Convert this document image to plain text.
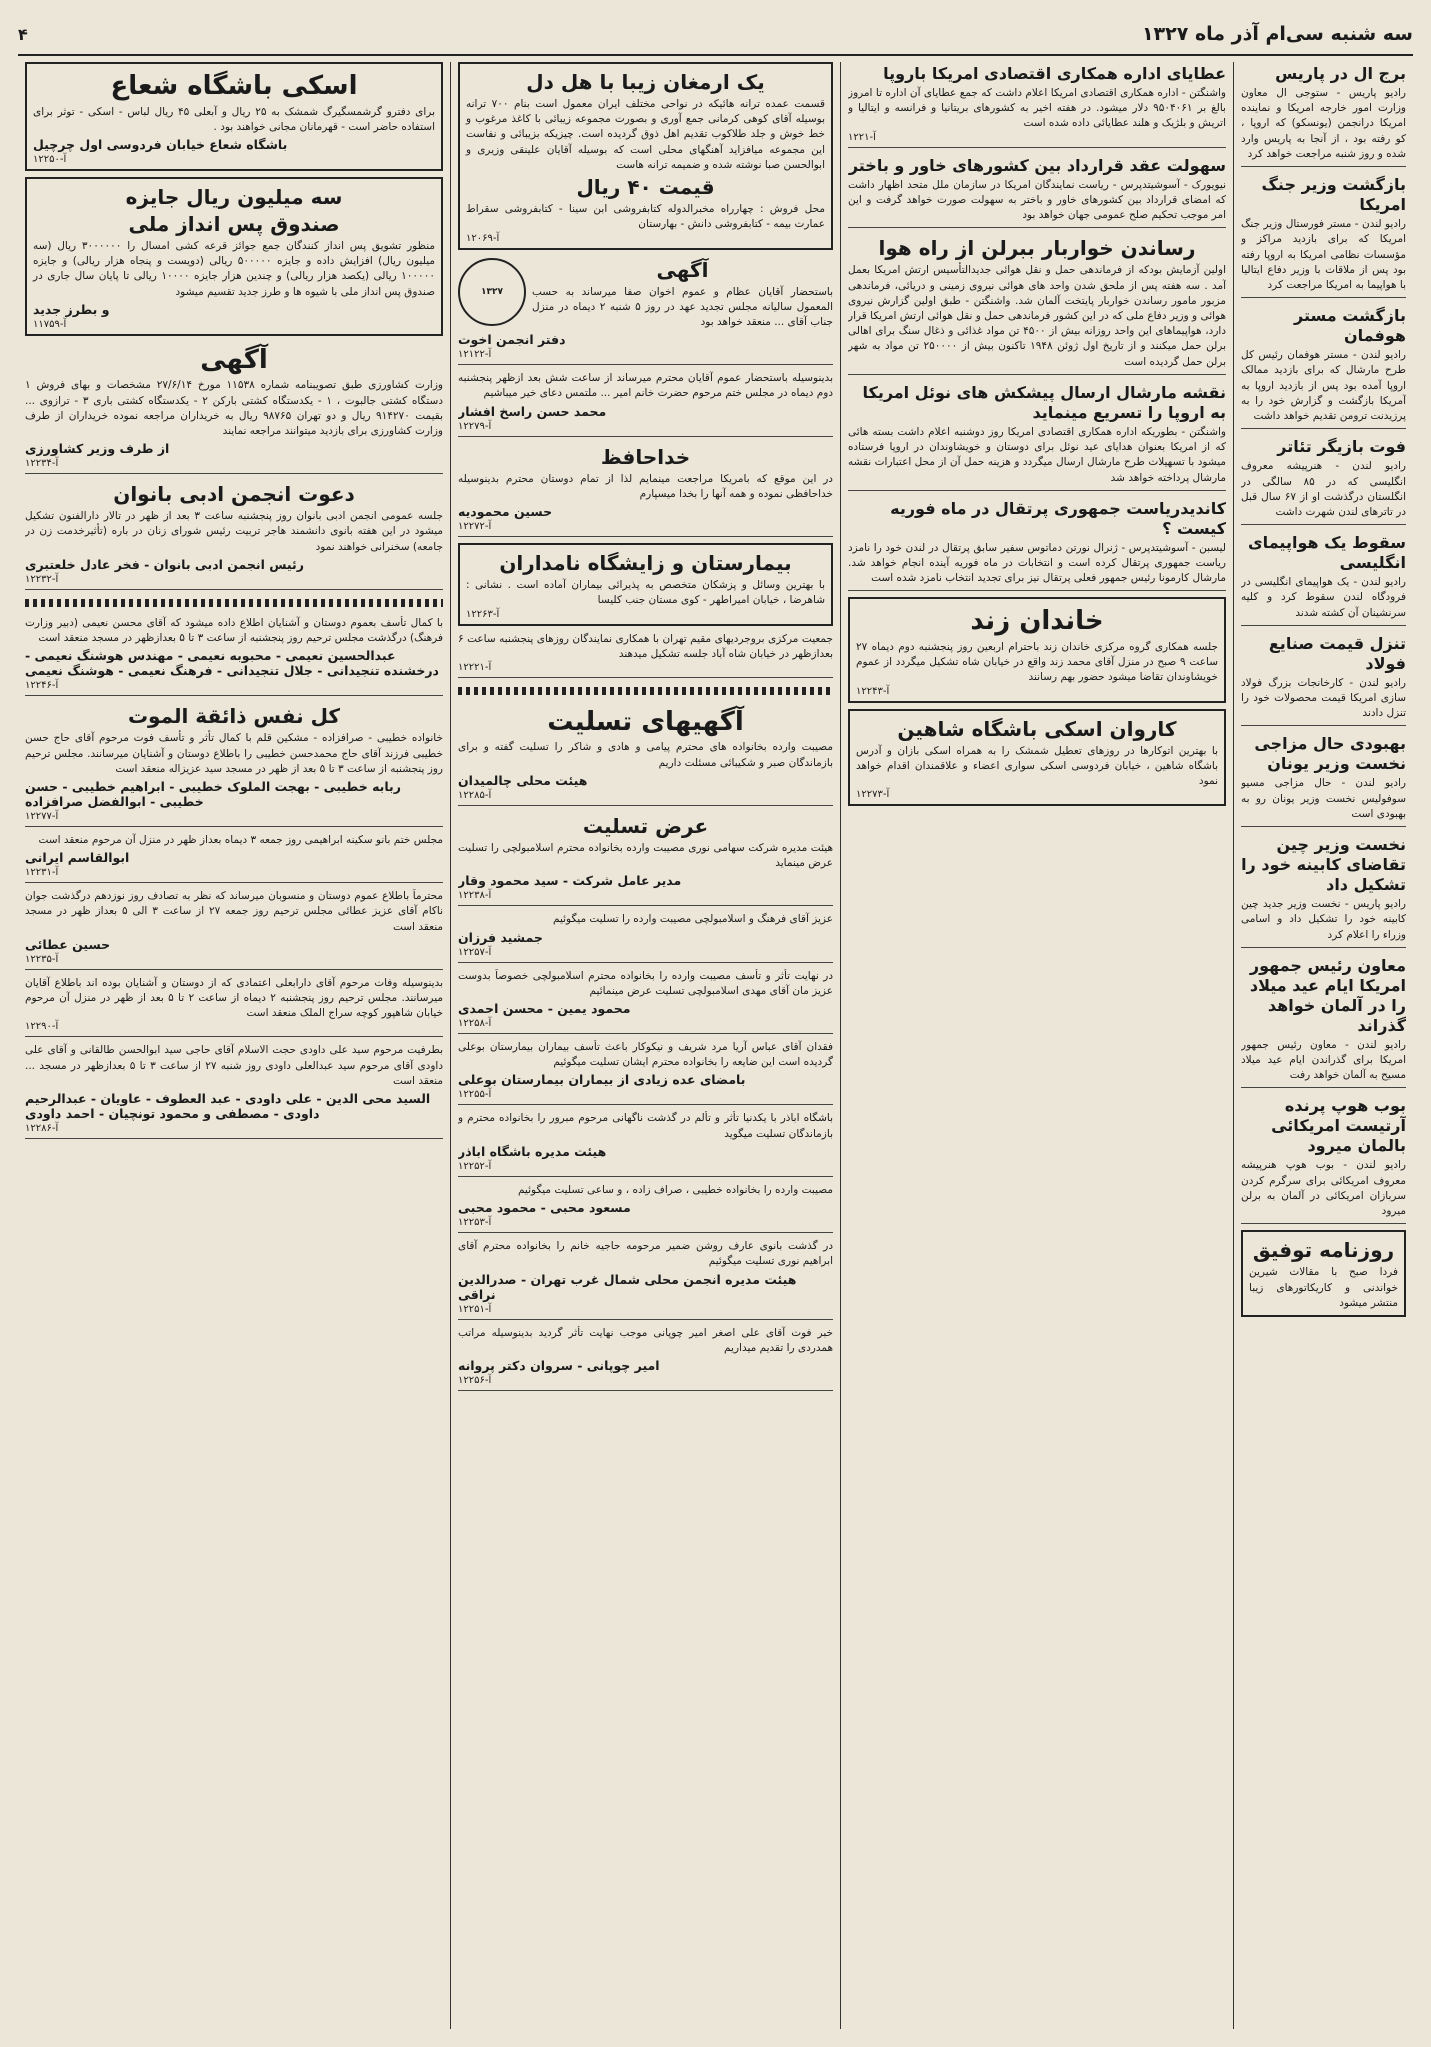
سه شنبه سی‌ام آذر ماه ۱۳۲۷
۴
برج ال در پاریس

رادیو پاریس - ستوجی ال معاون وزارت امور خارجه امریکا و نماینده امریکا درانجمن (یونسکو) که اروپا ، کو رفته بود ، از آنجا به پاریس وارد شده و روز شنبه مراجعت خواهد کرد

بازگشت وزیر جنگ امریکا

رادیو لندن - مستر فورستال وزیر جنگ امریکا که برای بازدید مراکز و مؤسسات نظامی امریکا به اروپا رفته بود پس از ملاقات با وزیر دفاع ایتالیا با هواپیما به امریکا مراجعت کرد

بازگشت مستر هوفمان

رادیو لندن - مستر هوفمان رئیس کل طرح مارشال که برای بازدید ممالک اروپا آمده بود پس از بازدید اروپا به آمریکا بازگشت و گزارش خود را به پرزیدنت ترومن تقدیم خواهد داشت

فوت بازیگر تئاتر

رادیو لندن - هنرپیشه معروف انگلیسی که در ۸۵ سالگی در انگلستان درگذشت او از ۶۷ سال قبل در تاترهای لندن شهرت داشت

سقوط یک هواپیمای انگلیسی

رادیو لندن - یک هواپیمای انگلیسی در فرودگاه لندن سقوط کرد و کلیه سرنشینان آن کشته شدند

تنزل قیمت صنایع فولاد

رادیو لندن - کارخانجات بزرگ فولاد سازی امریکا قیمت محصولات خود را تنزل دادند

بهبودی حال مزاجی نخست وزیر یونان

رادیو لندن - حال مزاجی مسیو سوفولیس نخست وزیر یونان رو به بهبودی است

نخست وزیر چین تقاضای کابینه خود را تشکیل داد

رادیو پاریس - نخست وزیر جدید چین کابینه خود را تشکیل داد و اسامی وزراء را اعلام کرد

معاون رئیس جمهور امریکا ایام عید میلاد را در آلمان خواهد گذراند

رادیو لندن - معاون رئیس جمهور امریکا برای گذراندن ایام عید میلاد مسیح به آلمان خواهد رفت

بوب هوپ پرنده آرتیست امریکائی بالمان میرود

رادیو لندن - بوب هوپ هنرپیشه معروف امریکائی برای سرگرم کردن سربازان امریکائی در آلمان به برلن میرود

روزنامه توفیق

فردا صبح با مقالات شیرین خواندنی و کاریکاتورهای زیبا منتشر میشود

عطایای اداره همکاری اقتصادی امریکا باروپا

واشنگتن - اداره همکاری اقتصادی امریکا اعلام داشت که جمع عطایای آن اداره تا امروز بالغ بر ۹۵۰۴۰۶۱ دلار میشود. در هفته اخیر به کشورهای بریتانیا و فرانسه و ایتالیا و اتریش و بلژیک و هلند عطایائی داده شده است

آ-۱۲۲۱

سهولت عقد قرارداد بین کشورهای خاور و باختر

نیویورک - آسوشیتدپرس - ریاست نمایندگان امریکا در سازمان ملل متحد اظهار داشت که امضای قرارداد بین کشورهای خاور و باختر به سهولت صورت خواهد گرفت و این امر موجب تحکیم صلح عمومی جهان خواهد بود

رساندن خواربار ببرلن از راه هوا

اولین آزمایش بودکه از فرماندهی حمل و نقل هوائی جدیدالتأسیس ارتش امریکا بعمل آمد . سه هفته پس از ملحق شدن واحد های هوائی نیروی زمینی و دریائی، فرماندهی مزبور مامور رساندن خواربار پایتخت آلمان شد. واشنگتن - طبق اولین گزارش نیروی هوائی و وزیر دفاع ملی که در این کشور فرماندهی حمل و نقل هوائی ارتش امریکا قرار دارد، هواپیماهای این واحد روزانه بیش از ۴۵۰۰ تن مواد غذائی و ذغال سنگ برای اهالی برلن حمل میکنند و از تاریخ اول ژوئن ۱۹۴۸ تاکنون بیش از ۲۵۰۰۰۰ تن مواد به شهر برلن حمل گردیده است

نقشه مارشال ارسال پیشکش های نوئل امریکا به اروپا را تسریع مینماید

واشنگتن - بطوریکه اداره همکاری اقتصادی امریکا روز دوشنبه اعلام داشت بسته هائی که از امریکا بعنوان هدایای عید نوئل برای دوستان و خویشاوندان در اروپا فرستاده میشود با تسهیلات طرح مارشال ارسال میگردد و هزینه حمل آن از محل اعتبارات نقشه مارشال پرداخته خواهد شد

کاندیدریاست جمهوری پرتقال در ماه فوریه کیست ؟

لیسبن - آسوشیتدپرس - ژنرال نورتن دماتوس سفیر سابق پرتقال در لندن خود را نامزد ریاست جمهوری پرتقال کرده است و انتخابات در ماه فوریه آینده انجام خواهد شد. مارشال کارمونا رئیس جمهور فعلی پرتقال نیز برای تجدید انتخاب نامزد شده است

خاندان زند

جلسه همکاری گروه مرکزی خاندان زند باحترام اربعین روز پنجشنبه دوم دیماه ۲۷ ساعت ۹ صبح در منزل آقای محمد زند واقع در خیابان شاه تشکیل میگردد از عموم خویشاوندان تقاضا میشود حضور بهم رسانند

آ-۱۲۲۴۳

کاروان اسکی باشگاه شاهین

با بهترین اتوکارها در روزهای تعطیل شمشک را به همراه اسکی بازان و آدرس باشگاه شاهین ، خیابان فردوسی اسکی سواری اعضاء و علاقمندان اقدام خواهد نمود

آ-۱۲۲۷۳

یک ارمغان زیبا با هل دل

قسمت عمده ترانه هائیکه در نواحی مختلف ایران معمول است بنام ۷۰۰ ترانه بوسیله آقای کوهی کرمانی جمع آوری و بصورت مجموعه زیبائی با کاغذ مرغوب و خط خوش و جلد طلاکوب تقدیم اهل ذوق گردیده است. چیزیکه بزیبائی و نفاست این مجموعه میافزاید آهنگهای محلی است که بوسیله آقایان علینقی وزیری و ابوالحسن صبا نوشته شده و ضمیمه ترانه هاست

قیمت ۴۰ ریال

محل فروش : چهارراه مخبرالدوله کتابفروشی ابن سینا - کتابفروشی سقراط عمارت بیمه - کتابفروشی دانش - بهارستان

آ-۱۲۰۶۹

۱۳۲۷
آگهی

باستحضار آقایان عظام و عموم اخوان صفا میرساند به حسب المعمول سالیانه مجلس تجدید عهد در روز ۵ شنبه ۲ دیماه در منزل جناب آقای ... منعقد خواهد بود

دفتر انجمن اخوت

آ-۱۲۱۲۲

بدینوسیله باستحضار عموم آقایان محترم میرساند از ساعت شش بعد ازظهر پنجشنبه دوم دیماه در مجلس ختم مرحوم حضرت خانم امیر ... ملتمس دعای خیر میباشیم

محمد حسن راسخ افشار

آ-۱۲۲۷۹

خداحافظ

در این موقع که بامریکا مراجعت مینمایم لذا از تمام دوستان محترم بدینوسیله خداحافظی نموده و همه آنها را بخدا میسپارم

حسین محمودیه

آ-۱۲۲۷۲

بیمارستان و زایشگاه نامداران

با بهترین وسائل و پزشکان متخصص به پذیرائی بیماران آماده است . نشانی : شاهرضا ، خیابان امیراطهر - کوی مستان جنب کلیسا

آ-۱۲۲۶۳

جمعیت مرکزی بروجردیهای مقیم تهران با همکاری نمایندگان روزهای پنجشنبه ساعت ۶ بعدازظهر در خیابان شاه آباد جلسه تشکیل میدهند

آ-۱۲۲۲۱

آگهیهای تسلیت

مصیبت وارده بخانواده های محترم پیامی و هادی و شاکر را تسلیت گفته و برای بازماندگان صبر و شکیبائی مسئلت داریم

هیئت محلی چالمیدان

آ-۱۲۲۸۵

عرض تسلیت

هیئت مدیره شرکت سهامی نوری مصیبت وارده بخانواده محترم اسلامبولچی را تسلیت عرض مینماید

مدیر عامل شرکت - سید محمود وقار

آ-۱۲۲۳۸

عزیز آقای فرهنگ و اسلامبولچی مصیبت وارده را تسلیت میگوئیم

جمشید فرزان

آ-۱۲۲۵۷

در نهایت تأثر و تأسف مصیبت وارده را بخانواده محترم اسلامبولچی خصوصاً بدوست عزیز مان آقای مهدی اسلامبولچی تسلیت عرض مینمائیم

محمود یمین - محسن احمدی

آ-۱۲۲۵۸

فقدان آقای عباس آریا مرد شریف و نیکوکار باعث تأسف بیماران بیمارستان بوعلی گردیده است این ضایعه را بخانواده محترم ایشان تسلیت میگوئیم

بامضای عده زیادی از بیماران بیمارستان بوعلی

آ-۱۲۲۵۵

باشگاه اباذر با یکدنیا تأثر و تألم در گذشت ناگهانی مرحوم مبرور را بخانواده محترم و بازماندگان تسلیت میگوید

هیئت مدیره باشگاه اباذر

آ-۱۲۲۵۲

مصیبت وارده را بخانواده خطیبی ، صراف زاده ، و ساعی تسلیت میگوئیم

مسعود محبی - محمود محبی

آ-۱۲۲۵۳

در گذشت بانوی عارف روشن ضمیر مرحومه حاجیه خانم را بخانواده محترم آقای ابراهیم نوری تسلیت میگوئیم

هیئت مدیره انجمن محلی شمال غرب تهران - صدرالدین نراقی

آ-۱۲۲۵۱

خبر فوت آقای علی اصغر امیر چوپانی موجب نهایت تأثر گردید بدینوسیله مراتب همدردی را تقدیم میداریم

امیر چوپانی - سروان دکتر پروانه

آ-۱۲۲۵۶

اسکی باشگاه شعاع

برای دفترو گرشمسگیرگ شمشک به ۲۵ ریال و آبعلی ۴۵ ریال لباس - اسکی - توثر برای استفاده حاضر است - قهرمانان مجانی خواهند بود .

باشگاه شعاع خیابان فردوسی اول چرچیل

آ-۱۲۲۵۰

سه میلیون ریال جایزه
صندوق پس انداز ملی

منظور تشویق پس انداز کنندگان جمع جوائز قرعه کشی امسال را ۳۰۰۰۰۰۰ ریال (سه میلیون ریال) افزایش داده و جایزه ۵۰۰۰۰۰ ریالی (دویست و پنجاه هزار ریالی) و جایزه ۱۰۰۰۰۰ ریالی (یکصد هزار ریالی) و چندین هزار جایزه ۱۰۰۰۰ ریالی تا پایان سال جاری در صندوق پس انداز ملی با شیوه ها و طرز جدید تقسیم میشود

و بطرز جدید

آ-۱۱۷۵۹

آگهی

وزارت کشاورزی طبق تصویبنامه شماره ۱۱۵۳۸ مورخ ۲۷/۶/۱۴ مشخصات و بهای فروش ۱ دستگاه کشتی جالبوت ، ۱ - یکدستگاه کشتی بارکن ۲ - یکدستگاه کشتی باری ۳ - ترازوی ... بقیمت ۹۱۴۲۷۰ ریال و دو تهران ۹۸۷۶۵ ریال به خریداران مراجعه نموده خریداران از طرف وزارت کشاورزی برای بازدید میتوانند مراجعه نمایند

از طرف وزیر کشاورزی

آ-۱۲۲۳۴

دعوت انجمن ادبی بانوان

جلسه عمومی انجمن ادبی بانوان روز پنجشنبه ساعت ۳ بعد از ظهر در تالار دارالفنون تشکیل میشود در این هفته بانوی دانشمند هاجر تربیت رئیس شورای زنان در باره (تأثیرخدمت زن در جامعه) سخنرانی خواهند نمود

رئیس انجمن ادبی بانوان - فخر عادل خلعتبری

آ-۱۲۲۳۲

با کمال تأسف بعموم دوستان و آشنایان اطلاع داده میشود که آقای محسن نعیمی (دبیر وزارت فرهنگ) درگذشت مجلس ترحیم روز پنجشنبه از ساعت ۳ تا ۵ بعدازظهر در مسجد منعقد است

عبدالحسین نعیمی - محبوبه نعیمی - مهندس هوشنگ نعیمی - درخشنده تنجیدانی - جلال تنجیدانی - فرهنگ نعیمی - هوشنگ نعیمی

آ-۱۲۲۴۶

کل نفس ذائقة الموت

خانواده خطیبی - صرافزاده - مشکین قلم با کمال تأثر و تأسف فوت مرحوم آقای حاج حسن خطیبی فرزند آقای حاج محمدحسن خطیبی را باطلاع دوستان و آشنایان میرسانند. مجلس ترحیم روز پنجشنبه از ساعت ۳ تا ۵ بعد از ظهر در مسجد سید عزیزاله منعقد است

ربابه خطیبی - بهجت الملوک خطیبی - ابراهیم خطیبی - حسن خطیبی - ابوالفضل صرافزاده

آ-۱۲۲۷۷

مجلس ختم بانو سکینه ابراهیمی روز جمعه ۳ دیماه بعداز ظهر در منزل آن مرحوم منعقد است

ابوالقاسم ایرانی

آ-۱۲۲۳۱

محترماً باطلاع عموم دوستان و منسوبان میرساند که نظر به تصادف روز نوزدهم درگذشت جوان ناکام آقای عزیز عطائی مجلس ترحیم روز جمعه ۲۷ از ساعت ۳ الی ۵ بعداز ظهر در مسجد منعقد است

حسین عطائی

آ-۱۲۲۳۵

بدینوسیله وفات مرحوم آقای دارابعلی اعتمادی که از دوستان و آشنایان بوده اند باطلاع آقایان میرسانند. مجلس ترحیم روز پنجشنبه ۲ دیماه از ساعت ۲ تا ۵ بعد از ظهر در منزل آن مرحوم خیابان شاهپور کوچه سراج الملک منعقد است

آ-۱۲۲۹۰

بطرفیت مرحوم سید علی داودی حجت الاسلام آقای حاجی سید ابوالحسن طالقانی و آقای علی داودی آقای مرحوم سید عبدالعلی داودی روز شنبه ۲۷ از ساعت ۳ تا ۵ بعدازظهر در مسجد ... منعقد است

السید محی الدین - علی داودی - عبد العطوف - عاویان - عبدالرحیم داودی - مصطفی و محمود تونچیان - احمد داودی

آ-۱۲۲۸۶
